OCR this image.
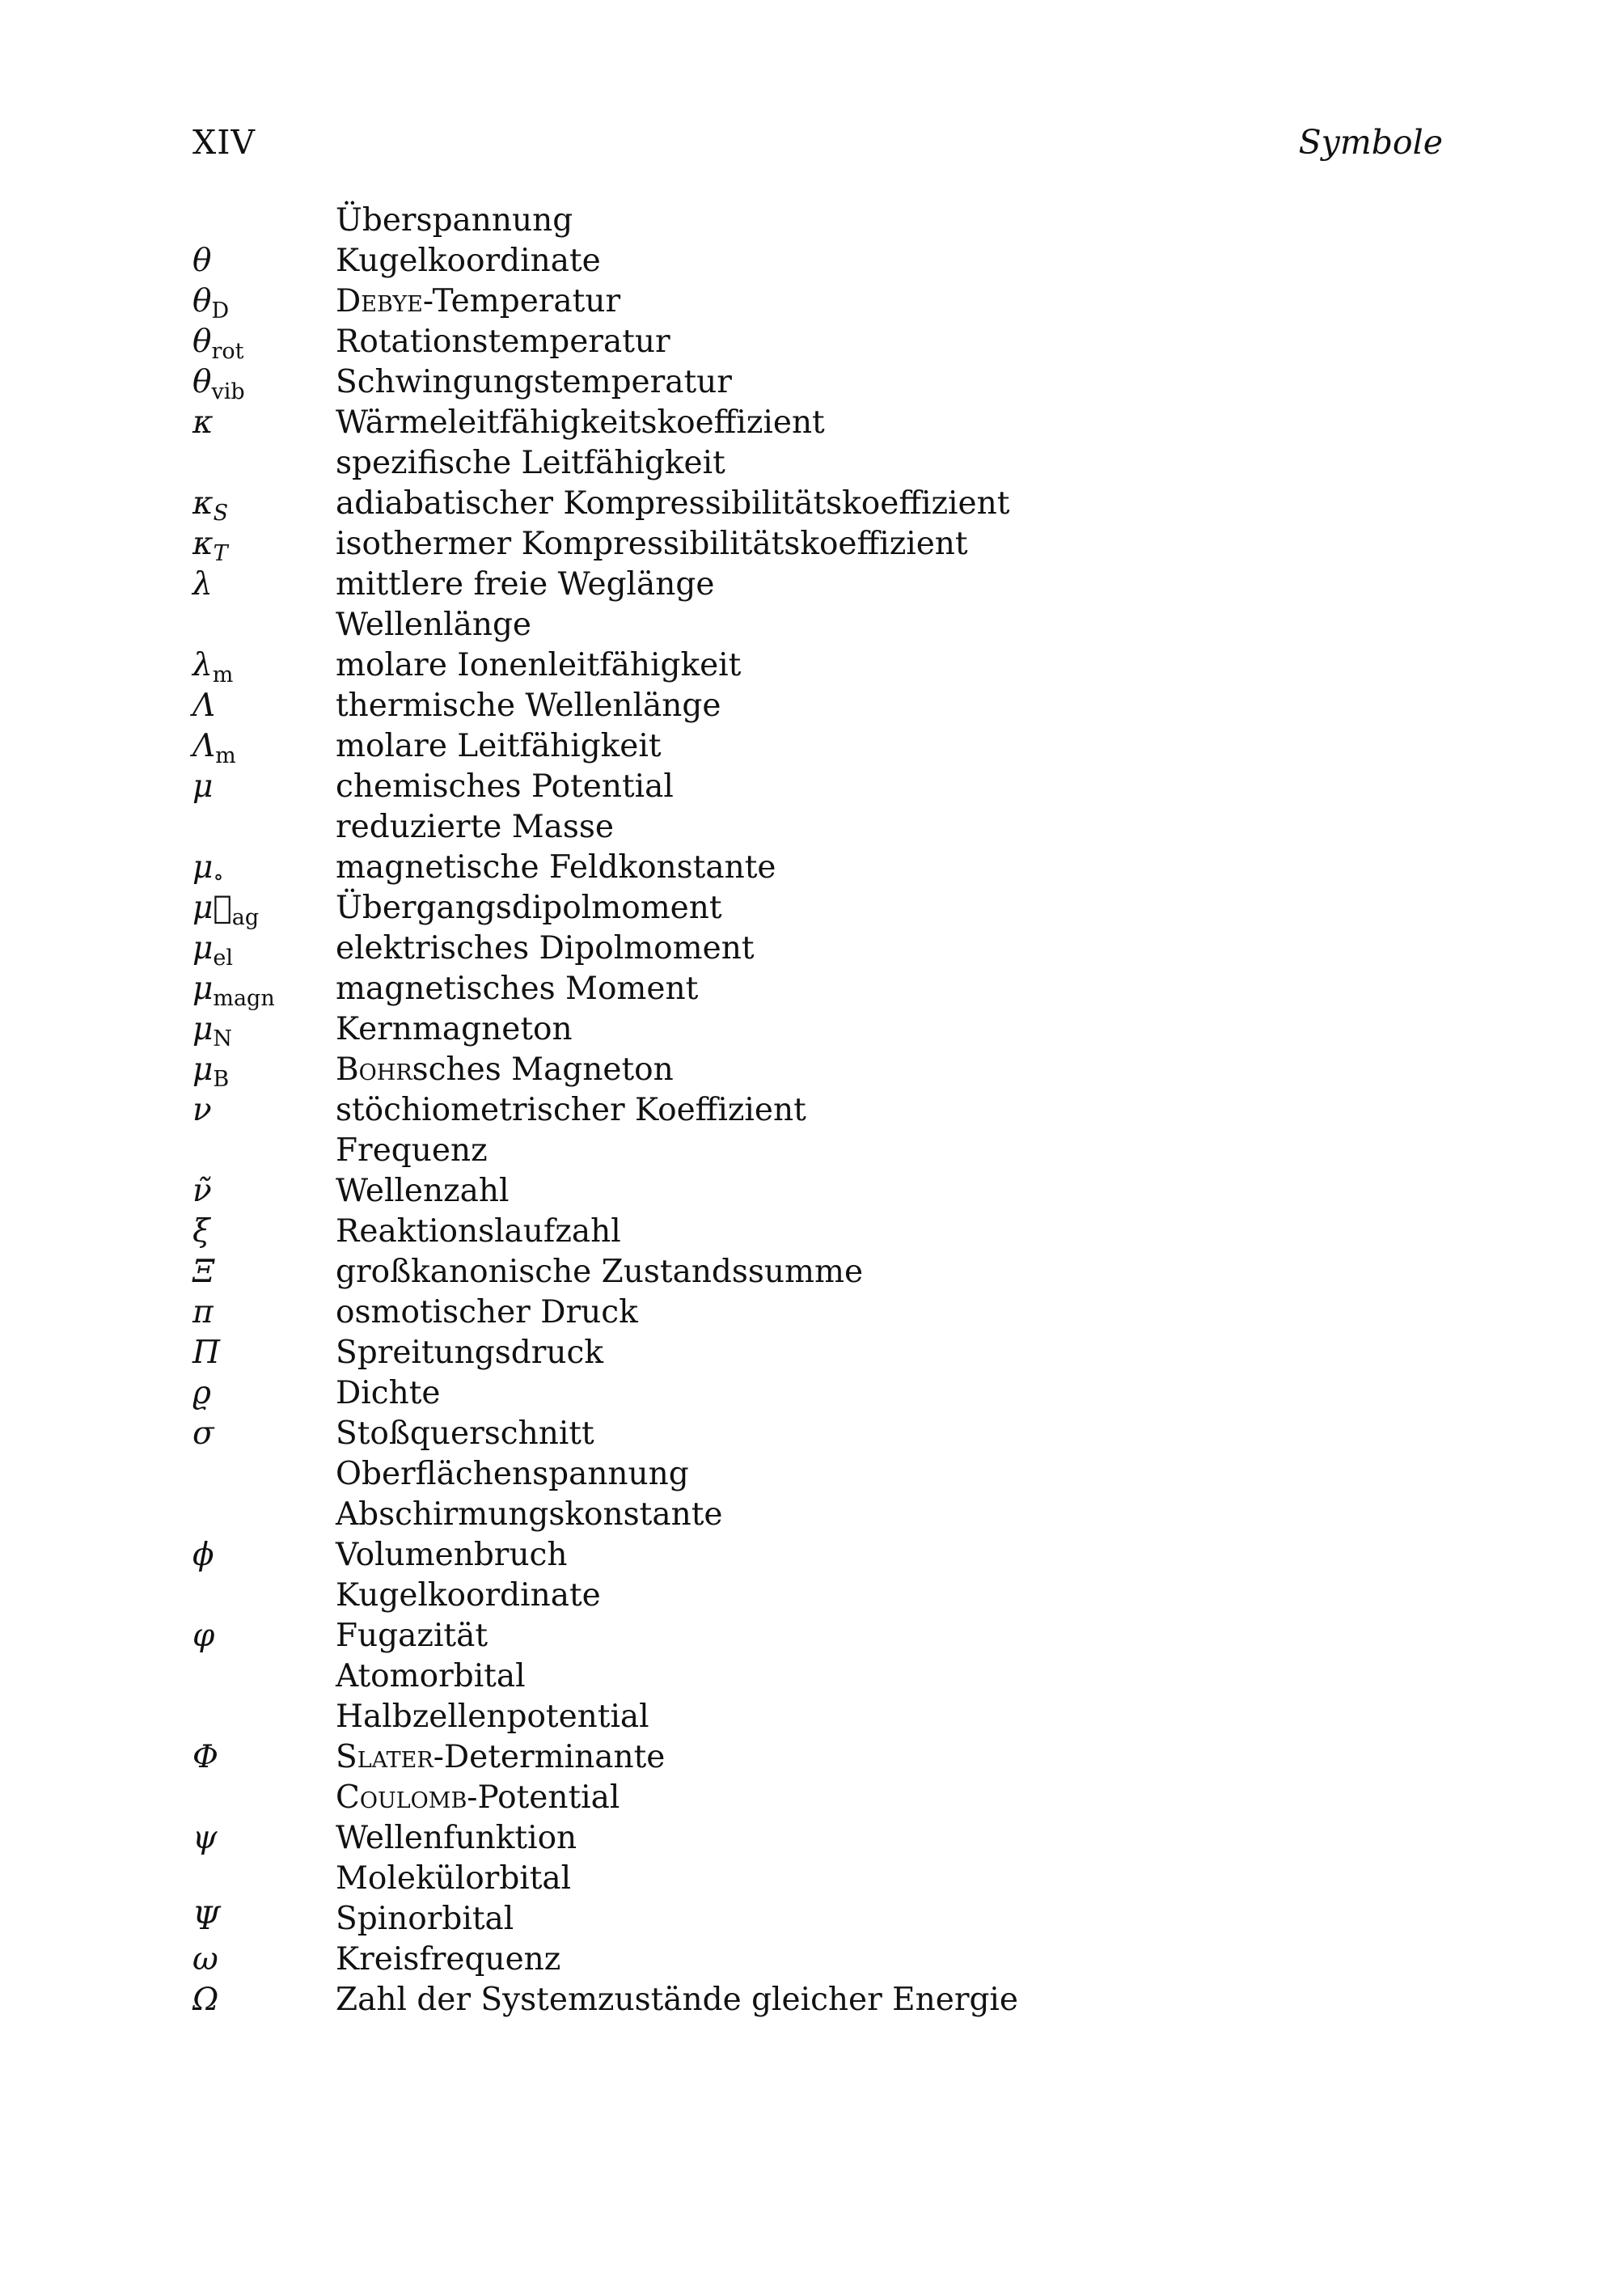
XIV	Symbole
Überspannung
θ	Kugelkoordinate
$\theta_D$	Debye-Temperatur
$\theta_{rot}$	Rotationstemperatur
$\theta_{vib}$	Schwingungstemperatur
κ	Wärmeleitfähigkeitskoeffizient
spezifische Leitfähigkeit
$\kappa_S$	adiabatischer Kompressibilitätskoeffizient
$\kappa_T$	isothermer Kompressibilitätskoeffizient
λ	mittlere freie Weglänge
Wellenlänge
$\lambda_m$	molare Ionenleitfähigkeit
Λ	thermische Wellenlänge
$\Lambda_m$	molare Leitfähigkeit
μ	chemisches Potential
reduzierte Masse
$\mu_\circ$	magnetische Feldkonstante
$\mu⃗_{ag}$	Übergangsdipolmoment
$\mu_{el}$	elektrisches Dipolmoment
$\mu_{magn}$	magnetisches Moment
$\mu_N$	Kernmagneton
$\mu_B$	Bohrsches Magneton
ν	stöchiometrischer Koeffizient
Frequenz
ν̃	Wellenzahl
ξ	Reaktionslaufzahl
Ξ	großkanonische Zustandssumme
π	osmotischer Druck
Π	Spreitungsdruck
ϱ	Dichte
σ	Stoßquerschnitt
Oberflächenspannung
Abschirmungskonstante
ϕ	Volumenbruch
Kugelkoordinate
φ	Fugazität
Atomorbital
Halbzellenpotential
Φ	Slater-Determinante
Coulomb-Potential
ψ	Wellenfunktion
Molekülorbital
Ψ	Spinorbital
ω	Kreisfrequenz
Ω	Zahl der Systemzustände gleicher Energie
